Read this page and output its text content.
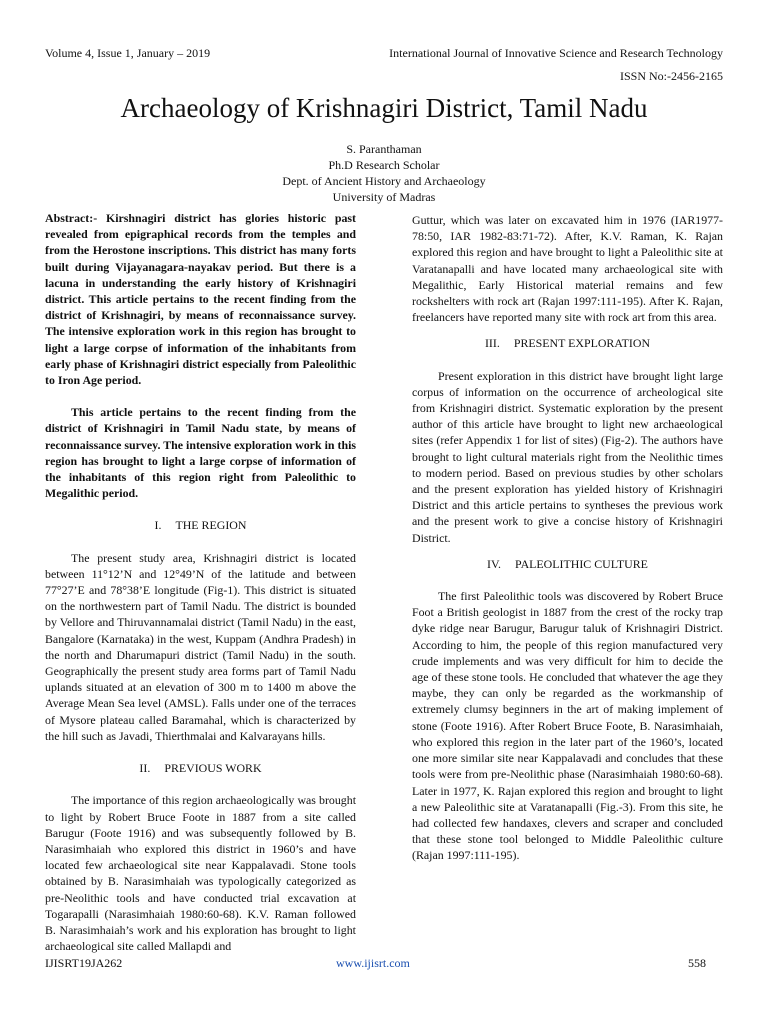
Volume 4, Issue 1, January – 2019	International Journal of Innovative Science and Research Technology
ISSN No:-2456-2165
Archaeology of Krishnagiri District, Tamil Nadu
S. Paranthaman
Ph.D Research Scholar
Dept. of Ancient History and Archaeology
University of Madras

Abstract:- Kirshnagiri district has glories historic past revealed from epigraphical records from the temples and from the Herostone inscriptions. This district has many forts built during Vijayanagara-nayakav period. But there is a lacuna in understanding the early history of Krishnagiri district. This article pertains to the recent finding from the district of Krishnagiri, by means of reconnaissance survey. The intensive exploration work in this region has brought to light a large corpse of information of the inhabitants from early phase of Krishnagiri district especially from Paleolithic to Iron Age period.

This article pertains to the recent finding from the district of Krishnagiri in Tamil Nadu state, by means of reconnaissance survey. The intensive exploration work in this region has brought to light a large corpse of information of the inhabitants of this region right from Paleolithic to Megalithic period.

I. THE REGION

The present study area, Krishnagiri district is located between 11°12’N and 12°49’N of the latitude and between 77°27’E and 78°38’E longitude (Fig-1). This district is situated on the northwestern part of Tamil Nadu. The district is bounded by Vellore and Thiruvannamalai district (Tamil Nadu) in the east, Bangalore (Karnataka) in the west, Kuppam (Andhra Pradesh) in the north and Dharumapuri district (Tamil Nadu) in the south. Geographically the present study area forms part of Tamil Nadu uplands situated at an elevation of 300 m to 1400 m above the Average Mean Sea level (AMSL). Falls under one of the terraces of Mysore plateau called Baramahal, which is characterized by the hill such as Javadi, Thierthmalai and Kalvarayans hills.

II. PREVIOUS WORK

The importance of this region archaeologically was brought to light by Robert Bruce Foote in 1887 from a site called Barugur (Foote 1916) and was subsequently followed by B. Narasimhaiah who explored this district in 1960’s and have located few archaeological site near Kappalavadi. Stone tools obtained by B. Narasimhaiah was typologically categorized as pre-Neolithic tools and have conducted trial excavation at Togarapalli (Narasimhaiah 1980:60-68). K.V. Raman followed B. Narasimhaiah’s work and his exploration has brought to light archaeological site called Mallapdi and

Guttur, which was later on excavated him in 1976 (IAR1977-78:50, IAR 1982-83:71-72). After, K.V. Raman, K. Rajan explored this region and have brought to light a Paleolithic site at Varatanapalli and have located many archaeological site with Megalithic, Early Historical material remains and few rockshelters with rock art (Rajan 1997:111-195). After K. Rajan, freelancers have reported many site with rock art from this area.

III. PRESENT EXPLORATION

Present exploration in this district have brought light large corpus of information on the occurrence of archeological site from Krishnagiri district. Systematic exploration by the present author of this article have brought to light new archaeological sites (refer Appendix 1 for list of sites) (Fig-2). The authors have brought to light cultural materials right from the Neolithic times to modern period. Based on previous studies by other scholars and the present exploration has yielded history of Krishnagiri District and this article pertains to syntheses the previous work and the present work to give a concise history of Krishnagiri District.

IV. PALEOLITHIC CULTURE

The first Paleolithic tools was discovered by Robert Bruce Foot a British geologist in 1887 from the crest of the rocky trap dyke ridge near Barugur, Barugur taluk of Krishnagiri District. According to him, the people of this region manufactured very crude implements and was very difficult for him to decide the age of these stone tools. He concluded that whatever the age they maybe, they can only be regarded as the workmanship of extremely clumsy beginners in the art of making implement of stone (Foote 1916). After Robert Bruce Foote, B. Narasimhaiah, who explored this region in the later part of the 1960’s, located one more similar site near Kappalavadi and concludes that these tools were from pre-Neolithic phase (Narasimhaiah 1980:60-68). Later in 1977, K. Rajan explored this region and brought to light a new Paleolithic site at Varatanapalli (Fig.-3). From this site, he had collected few handaxes, clevers and scraper and concluded that these stone tool belonged to Middle Paleolithic culture (Rajan 1997:111-195).

IJISRT19JA262	www.ijisrt.com	558
